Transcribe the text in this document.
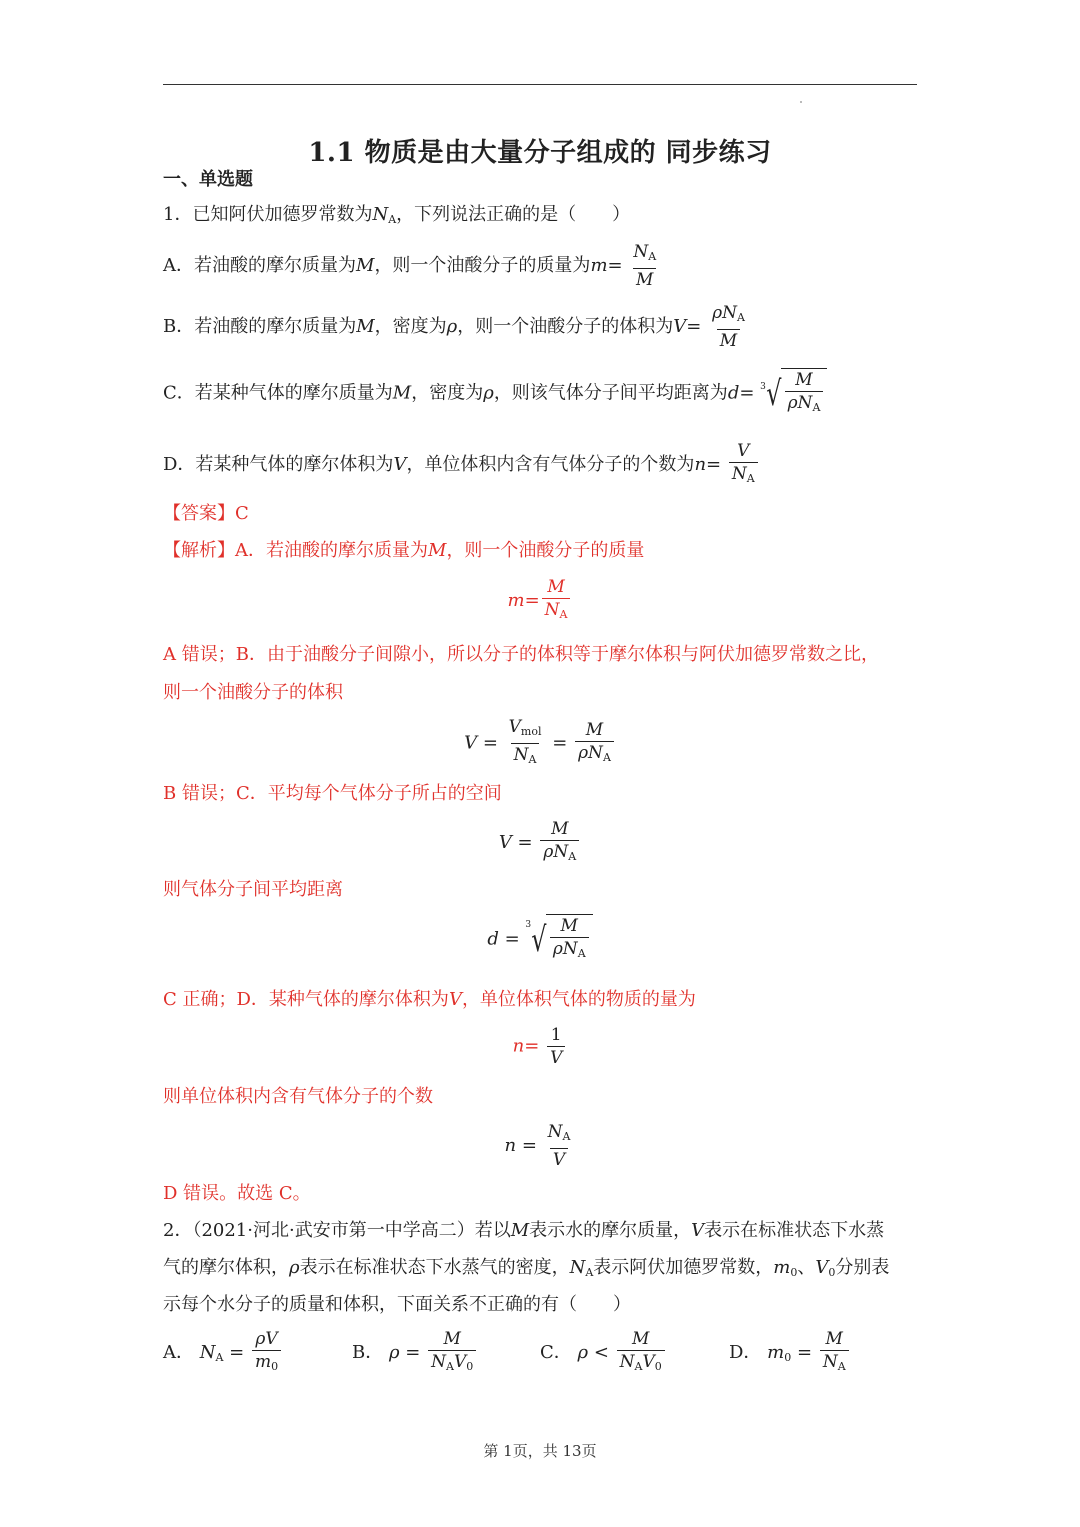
1.1 物质是由大量分子组成的 同步练习
一、单选题
1．已知阿伏加德罗常数为$N_A$，下列说法正确的是（　　）
A．若油酸的摩尔质量为M，则一个油酸分子的质量为$m= \frac{N_A}{M}$
B．若油酸的摩尔质量为M，密度为ρ，则一个油酸分子的体积为$V= \frac{\rho N_A}{M}$
C．若某种气体的摩尔质量为M，密度为ρ，则该气体分子间平均距离为d= 3 √ $\frac{M}{\rho N_A}$
D．若某种气体的摩尔体积为V，单位体积内含有气体分子的个数为$n= \frac{V}{N_A}$
【答案】C
【解析】A．若油酸的摩尔质量为M，则一个油酸分子的质量
$m= \frac{M}{N_A}$
A 错误；B．由于油酸分子间隙小，所以分子的体积等于摩尔体积与阿伏加德罗常数之比，
则一个油酸分子的体积
$V = \frac{V_{mol}}{N_A} = \frac{M}{\rho N_A}$
B 错误；C．平均每个气体分子所占的空间
$V = \frac{M}{\rho N_A}$
则气体分子间平均距离
d =
3 √ $\frac{M}{\rho N_A}$
C 正确；D．某种气体的摩尔体积为V，单位体积气体的物质的量为
$n= \frac{1}{V}$
则单位体积内含有气体分子的个数
$n = \frac{N_A}{V}$
D 错误。故选 C。
2．（2021·河北·武安市第一中学高二）若以M表示水的摩尔质量，V表示在标准状态下水蒸
气的摩尔体积，ρ表示在标准状态下水蒸气的密度，$N_A$表示阿伏加德罗常数，$m_0$、$V_0$分别表
示每个水分子的质量和体积，下面关系不正确的有（　　）
A． $N_A = \frac{\rho V}{m_0}$	B． $\rho = \frac{M}{N_AV_0}$	C． $\rho < \frac{M}{N_AV_0}$	D． $m_0 = \frac{M}{N_A}$
第 1页，共 13页
